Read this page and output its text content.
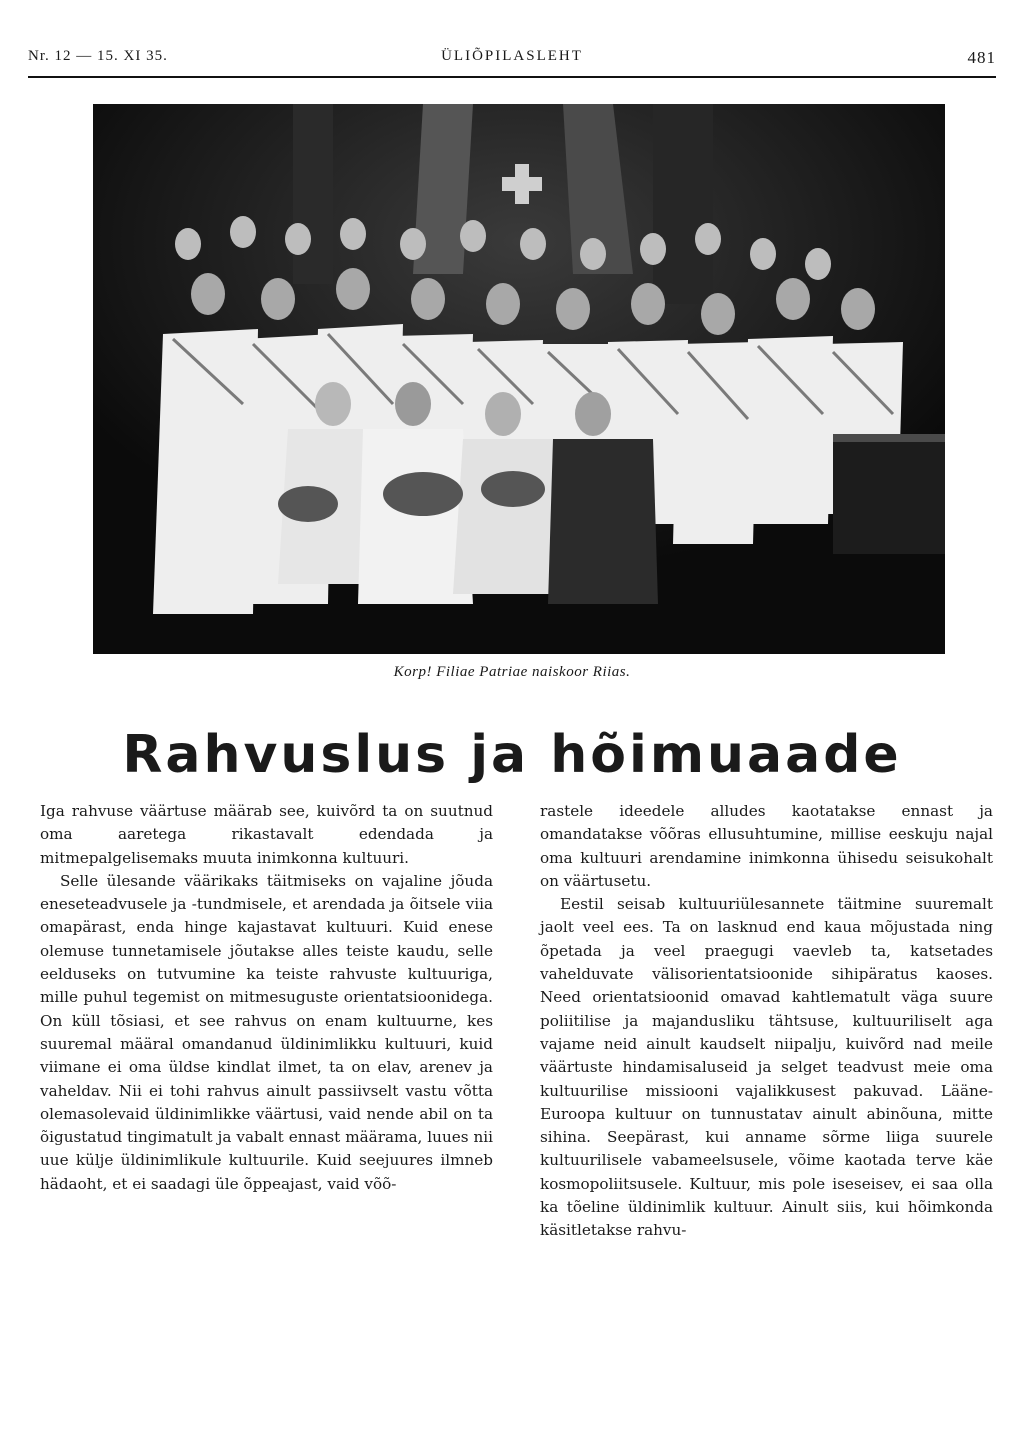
Nr. 12 — 15. XI 35.	ÜLIÕPILASLEHT	481
Korp! Filiae Patriae naiskoor Riias.
Rahvuslus ja hõimuaade

Iga rahvuse väärtuse määrab see, kuivõrd ta on suutnud oma aaretega rikastavalt edendada ja mitmepalgelisemaks muuta inimkonna kultuuri.

Selle ülesande väärikaks täitmiseks on vajaline jõuda eneseteadvusele ja -tundmisele, et arendada ja õitsele viia omapärast, enda hinge kajastavat kultuuri. Kuid enese olemuse tunnetamisele jõutakse alles teiste kaudu, selle eelduseks on tutvumine ka teiste rahvuste kultuuriga, mille puhul tegemist on mitmesuguste orientatsioonidega. On küll tõsiasi, et see rahvus on enam kultuurne, kes suuremal määral omandanud üldinimlikku kultuuri, kuid viimane ei oma üldse kindlat ilmet, ta on elav, arenev ja vaheldav. Nii ei tohi rahvus ainult passiivselt vastu võtta olemasolevaid üldinimlikke väärtusi, vaid nende abil on ta õigustatud tingimatult ja vabalt ennast määrama, luues nii uue külje üldinimlikule kultuurile. Kuid seejuures ilmneb hädaoht, et ei saadagi üle õppeajast, vaid võõ-

rastele ideedele alludes kaotatakse ennast ja omandatakse võõras ellusuhtumine, millise eeskuju najal oma kultuuri arendamine inimkonna ühisedu seisukohalt on väärtusetu.

Eestil seisab kultuuriülesannete täitmine suuremalt jaolt veel ees. Ta on lasknud end kaua mõjustada ning õpetada ja veel praegugi vaevleb ta, katsetades vahelduvate välisorientatsioonide sihipäratus kaoses. Need orientatsioonid omavad kahtlematult väga suure poliitilise ja majandusliku tähtsuse, kultuuriliselt aga vajame neid ainult kaudselt niipalju, kuivõrd nad meile väärtuste hindamisaluseid ja selget teadvust meie oma kultuurilise missiooni vajalikkusest pakuvad. Lääne-Euroopa kultuur on tunnustatav ainult abinõuna, mitte sihina. Seepärast, kui anname sõrme liiga suurele kultuurilisele vabameelsusele, võime kaotada terve käe kosmopoliitsusele. Kultuur, mis pole iseseisev, ei saa olla ka tõeline üldinimlik kultuur. Ainult siis, kui hõimkonda käsitletakse rahvu-
